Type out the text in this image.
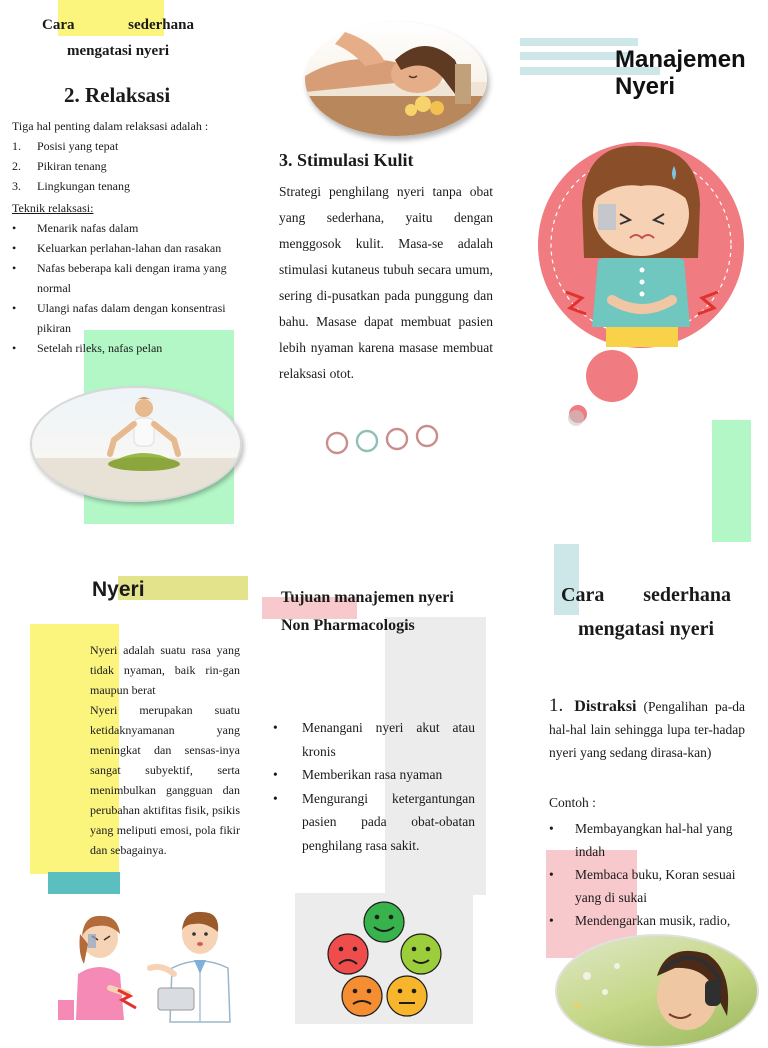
Cara	sederhana
mengatasi nyeri
2. Relaksasi
Tiga hal penting dalam relaksasi adalah :
1.	Posisi yang tepat
2.	Pikiran tenang
3.	Lingkungan tenang
Teknik relaksasi:
•	Menarik nafas dalam
•	Keluarkan perlahan-lahan dan rasakan
•	Nafas beberapa kali dengan irama yang normal
•	Ulangi nafas dalam dengan konsentrasi pikiran
•	Setelah rileks, nafas pelan
3. Stimulasi Kulit
Strategi penghilang nyeri tanpa obat yang sederhana, yaitu dengan menggosok kulit. Masa-se adalah stimulasi kutaneus tubuh secara umum, sering di-pusatkan pada punggung dan bahu. Masase dapat membuat pasien lebih nyaman karena masase membuat relaksasi otot.
Manajemen
Nyeri
Nyeri
Nyeri adalah suatu rasa yang tidak nyaman, baik rin-gan maupun berat
Nyeri merupakan suatu ketidaknyamanan yang meningkat dan sensas-inya sangat subyektif, serta menimbulkan gangguan dan perubahan aktifitas fisik, psikis yang meliputi emosi, pola fikir dan sebagainya.
Tujuan manajemen nyeri
Non Pharmacologis
•	Menangani nyeri akut atau kronis
•	Memberikan rasa nyaman
•	Mengurangi ketergantungan pasien pada obat-obatan penghilang rasa sakit.
Cara sederhana
mengatasi nyeri
1. Distraksi (Pengalihan pa-da hal-hal lain sehingga lupa ter-hadap nyeri yang sedang dirasa-kan)
Contoh :
•	Membayangkan hal-hal yang indah
•	Membaca buku, Koran sesuai yang di sukai
•	Mendengarkan musik, radio,
